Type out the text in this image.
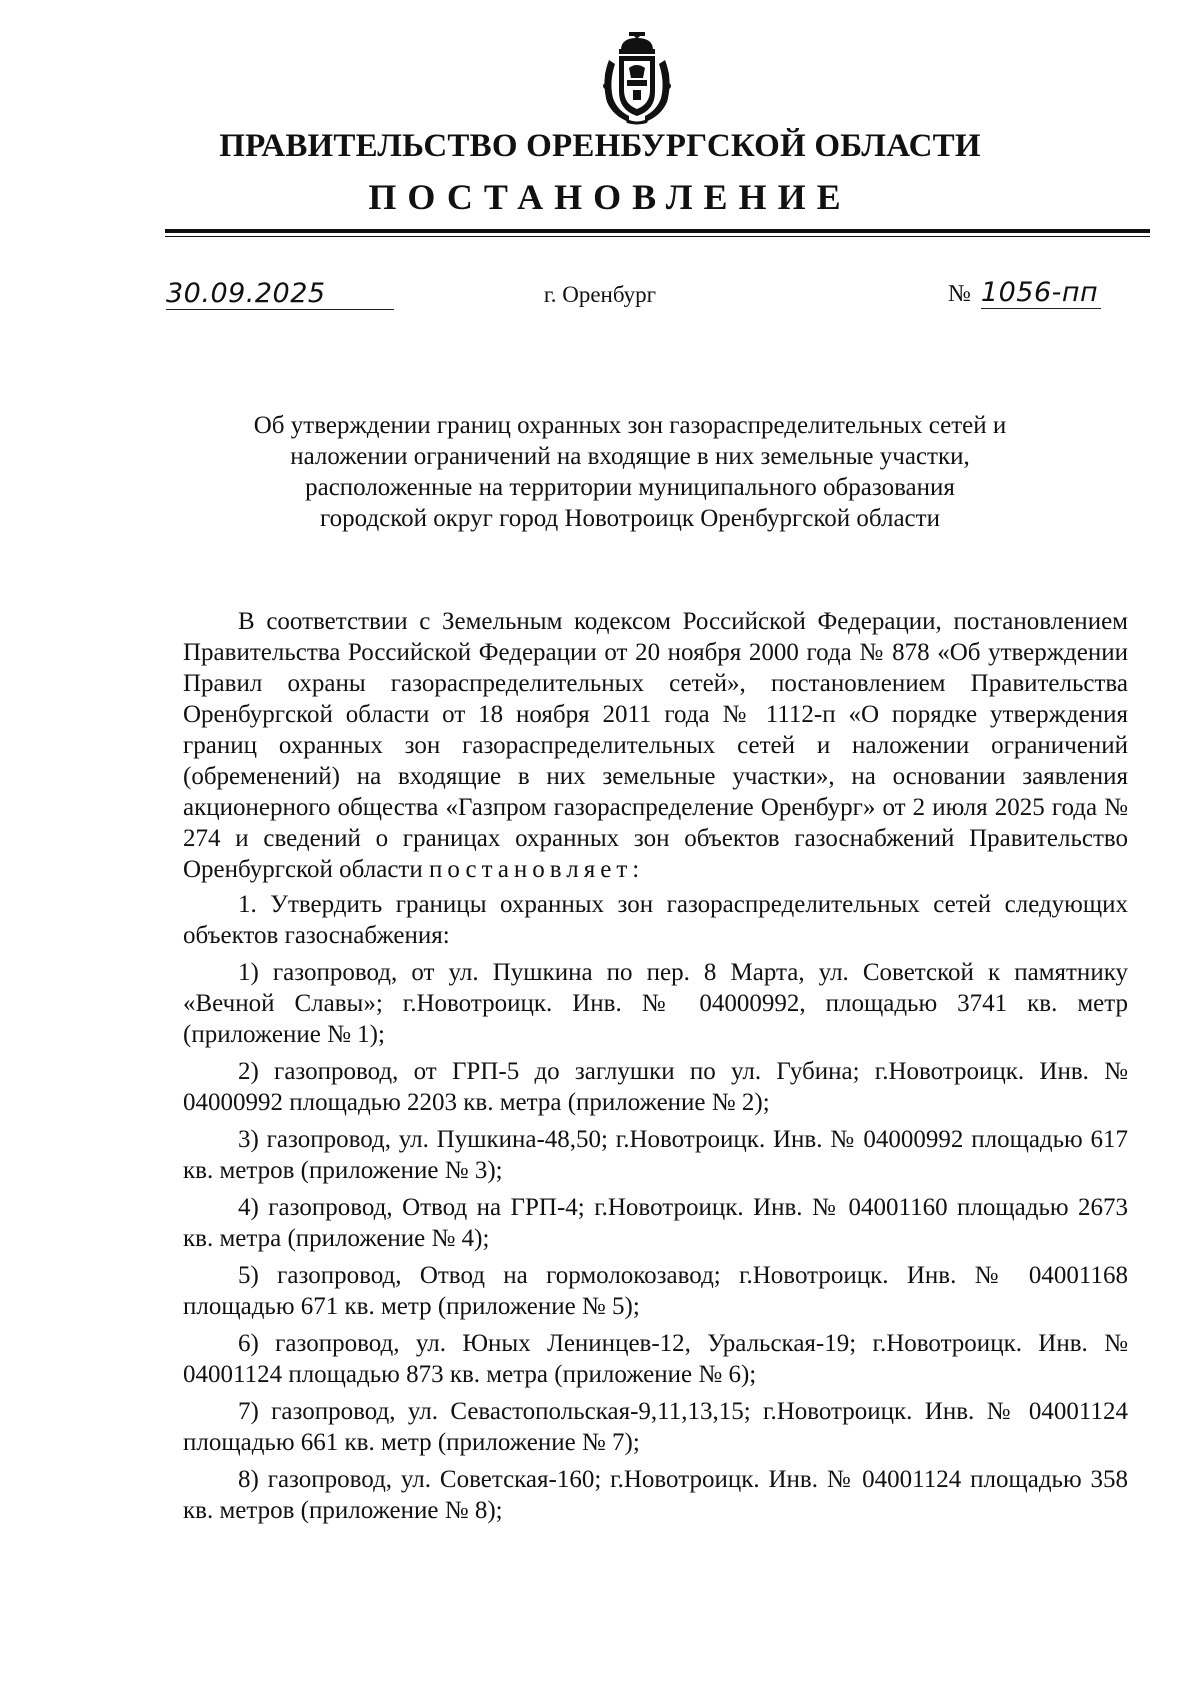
ПРАВИТЕЛЬСТВО ОРЕНБУРГСКОЙ ОБЛАСТИ
ПОСТАНОВЛЕНИЕ
30.09.2025	г. Оренбург	№ 1056-пп
Об утверждении границ охранных зон газораспределительных сетей и
наложении ограничений на входящие в них земельные участки,
расположенные на территории муниципального образования
городской округ город Новотроицк Оренбургской области

В соответствии с Земельным кодексом Российской Федерации, постановлением Правительства Российской Федерации от 20 ноября 2000 года № 878 «Об утверждении Правил охраны газораспределительных сетей», постановлением Правительства Оренбургской области от 18 ноября 2011 года № 1112-п «О порядке утверждения границ охранных зон газораспределительных сетей и наложении ограничений (обременений) на входящие в них земельные участки», на основании заявления акционерного общества «Газпром газораспределение Оренбург» от 2 июля 2025 года № 274 и сведений о границах охранных зон объектов газоснабжений Правительство Оренбургской области постановляет:

1. Утвердить границы охранных зон газораспределительных сетей следующих объектов газоснабжения:

1) газопровод, от ул. Пушкина по пер. 8 Марта, ул. Советской к памятнику «Вечной Славы»; г.Новотроицк. Инв. № 04000992, площадью 3741 кв. метр (приложение № 1);

2) газопровод, от ГРП-5 до заглушки по ул. Губина; г.Новотроицк. Инв. № 04000992 площадью 2203 кв. метра (приложение № 2);

3) газопровод, ул. Пушкина-48,50; г.Новотроицк. Инв. № 04000992 площадью 617 кв. метров (приложение № 3);

4) газопровод, Отвод на ГРП-4; г.Новотроицк. Инв. № 04001160 площадью 2673 кв. метра (приложение № 4);

5) газопровод, Отвод на гормолокозавод; г.Новотроицк. Инв. № 04001168 площадью 671 кв. метр (приложение № 5);

6) газопровод, ул. Юных Ленинцев-12, Уральская-19; г.Новотроицк. Инв. № 04001124 площадью 873 кв. метра (приложение № 6);

7) газопровод, ул. Севастопольская-9,11,13,15; г.Новотроицк. Инв. № 04001124 площадью 661 кв. метр (приложение № 7);

8) газопровод, ул. Советская-160; г.Новотроицк. Инв. № 04001124 площадью 358 кв. метров (приложение № 8);
